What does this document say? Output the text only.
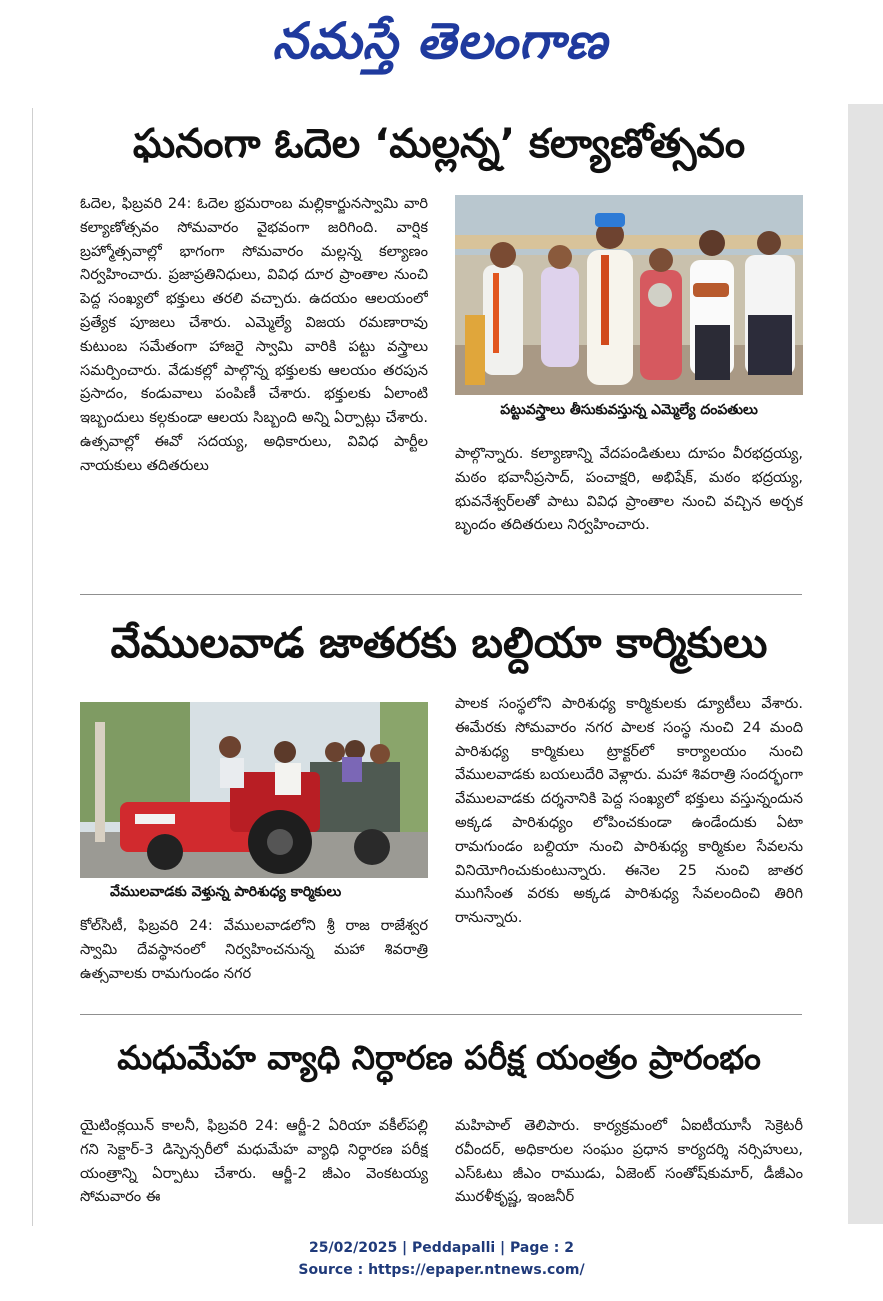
నమస్తే తెలంగాణ
ఘనంగా ఓదెల ‘మల్లన్న’ కల్యాణోత్సవం
ఓదెల, ఫిబ్రవరి 24: ఓదెల భ్రమరాంబ మల్లికార్జునస్వామి వారి కల్యాణోత్సవం సోమవారం వైభవంగా జరిగింది. వార్షిక బ్రహ్మోత్సవాల్లో భాగంగా సోమవారం మల్లన్న కల్యాణం నిర్వహించారు. ప్రజాప్రతినిధులు, వివిధ దూర ప్రాంతాల నుంచి పెద్ద సంఖ్యలో భక్తులు తరలి వచ్చారు. ఉదయం ఆలయంలో ప్రత్యేక పూజలు చేశారు. ఎమ్మెల్యే విజయ రమణారావు కుటుంబ సమేతంగా హాజరై స్వామి వారికి పట్టు వస్త్రాలు సమర్పించారు. వేడుకల్లో పాల్గొన్న భక్తులకు ఆలయం తరపున ప్రసాదం, కండువాలు పంపిణీ చేశారు. భక్తులకు ఏలాంటి ఇబ్బందులు కల్గకుండా ఆలయ సిబ్బంది అన్ని ఏర్పాట్లు చేశారు. ఉత్సవాల్లో ఈవో సదయ్య, అధికారులు, వివిధ పార్టీల నాయకులు తదితరులు
పట్టువస్త్రాలు తీసుకువస్తున్న ఎమ్మెల్యే దంపతులు
పాల్గొన్నారు. కల్యాణాన్ని వేదపండితులు దూపం వీరభద్రయ్య, మఠం భవానీప్రసాద్, పంచాక్షరి, అభిషేక్, మఠం భద్రయ్య, భువనేశ్వర్‌లతో పాటు వివిధ ప్రాంతాల నుంచి వచ్చిన అర్చక బృందం తదితరులు నిర్వహించారు.
వేములవాడ జాతరకు బల్దియా కార్మికులు
వేములవాడకు వెళ్తున్న పారిశుధ్య కార్మికులు
కోల్‌సిటీ, ఫిబ్రవరి 24: వేములవాడలోని శ్రీ రాజ రాజేశ్వర స్వామి దేవస్థానంలో నిర్వహించనున్న మహా శివరాత్రి ఉత్సవాలకు రామగుండం నగర
పాలక సంస్థలోని పారిశుధ్య కార్మికులకు డ్యూటీలు వేశారు. ఈమేరకు సోమవారం నగర పాలక సంస్థ నుంచి 24 మంది పారిశుధ్య కార్మికులు ట్రాక్టర్‌లో కార్యాలయం నుంచి వేములవాడకు బయలుదేరి వెళ్లారు. మహా శివరాత్రి సందర్భంగా వేములవాడకు దర్శనానికి పెద్ద సంఖ్యలో భక్తులు వస్తున్నందున అక్కడ పారిశుధ్యం లోపించకుండా ఉండేందుకు ఏటా రామగుండం బల్దియా నుంచి పారిశుధ్య కార్మికుల సేవలను వినియోగించుకుంటున్నారు. ఈనెల 25 నుంచి జాతర ముగిసేంత వరకు అక్కడ పారిశుధ్య సేవలందించి తిరిగి రానున్నారు.
మధుమేహ వ్యాధి నిర్ధారణ పరీక్ష యంత్రం ప్రారంభం
యైటింక్లయిన్ కాలనీ, ఫిబ్రవరి 24: ఆర్జీ-2 ఏరియా వకీల్‌పల్లి గని సెక్టార్-3 డిస్పెన్సరీలో మధుమేహ వ్యాధి నిర్ధారణ పరీక్ష యంత్రాన్ని ఏర్పాటు చేశారు. ఆర్జీ-2 జీఎం వెంకటయ్య సోమవారం ఈ
మహిపాల్ తెలిపారు. కార్యక్రమంలో ఏఐటీయూసీ సెక్రెటరీ రవీందర్, అధికారుల సంఘం ప్రధాన కార్యదర్శి నర్సిహులు, ఎస్ఓటు జీఎం రాముడు, ఏజెంట్ సంతోష్‌కుమార్, డీజీఎం మురళీకృష్ణ, ఇంజనీర్
25/02/2025 | Peddapalli | Page : 2
Source : https://epaper.ntnews.com/
